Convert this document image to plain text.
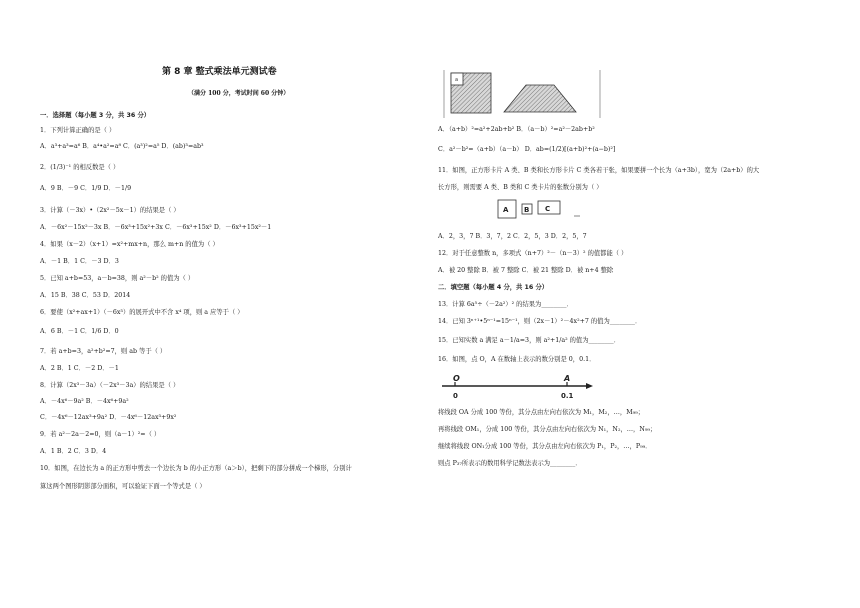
第 8 章 整式乘法单元测试卷
（满分 100 分，考试时间 60 分钟）
一．选择题（每小题 3 分，共 36 分）
1．下列计算正确的是（ ）
A．a³+a³=a⁶ B．a⁴•a²=a⁸ C．(a³)²=a⁵ D．(ab)³=ab³
2．(1/3)⁻¹ 的相反数是（ ）
A．9 B．－9 C．1/9 D．－1/9
3．计算（－3x）•（2x²－5x－1）的结果是（ ）
A．－6x²－15x²－3x B．－6x³+15x²+3x C．－6x³+15x² D．－6x³+15x²－1
4．如果（x－2）（x+1）=x²+mx+n，那么 m+n 的值为（ ）
A．－1 B．1 C．－3 D．3
5．已知 a+b=53，a－b=38，则 a²－b² 的值为（ ）
A．15 B．38 C．53 D．2014
6．要使（x²+ax+1）（－6x³）的展开式中不含 x⁴ 项，则 a 应等于（ ）
A．6 B．－1 C．1/6 D．0
7．若 a+b=3，a²+b²=7，则 ab 等于（ ）
A．2 B．1 C．－2 D．－1
8．计算（2x³－3a）（－2x³－3a）的结果是（ ）
A．－4x⁶－9a² B．－4x⁶+9a²
C．－4x⁶－12ax³+9a² D．－4x⁶－12ax³+9x²
9．若 a²－2a－2=0，则（a－1）²=（ ）
A．1 B．2 C．3 D．4
10．如图，在边长为 a 的正方形中剪去一个边长为 b 的小正方形（a＞b），把剩下的部分拼成一个梯形，分别计
算这两个图形阴影部分面积，可以验证下面一个等式是（ ）
a
A．（a+b）²=a²+2ab+b² B．（a－b）²=a²－2ab+b²
C．a²－b²=（a+b）（a－b） D．ab=(1/2)[(a+b)²+(a−b)²]
11．如图，正方形卡片 A 类、B 类和长方形卡片 C 类各若干张，如果要拼一个长为（a+3b），宽为（2a+b）的大
长方形，则需要 A 类、B 类和 C 类卡片的张数分别为（ ）
A B C
A．2，3，7 B．3，7，2 C．2，5，3 D．2，5，7
12．对于任意整数 n，多项式（n+7）²－（n－3）² 的值都能（ ）
A．被 20 整除 B．被 7 整除 C．被 21 整除 D．被 n+4 整除
二．填空题（每小题 4 分，共 16 分）
13．计算 6a⁵÷（－2a²）² 的结果为________．
14．已知 3ⁿ⁺¹•5ⁿ⁻¹=15ⁿ⁻¹，则（2x－1）²－4x²+7 的值为________．
15．已知实数 a 满足 a－1/a=3，则 a²+1/a² 的值为________．
16．如图，点 O，A 在数轴上表示的数分别是 0，0.1．
O	A
0	0.1
将线段 OA 分成 100 等份，其分点由左向右依次为 M₁，M₂，…，M₉₉；
再将线段 OM₁，分成 100 等份，其分点由左向右依次为 N₁，N₂，…，N₉₉；
继续将线段 ON₁分成 100 等份，其分点由左向右依次为 P₁，P₂，…，P₉₉．
则点 P₃₇所表示的数用科学记数法表示为________．
